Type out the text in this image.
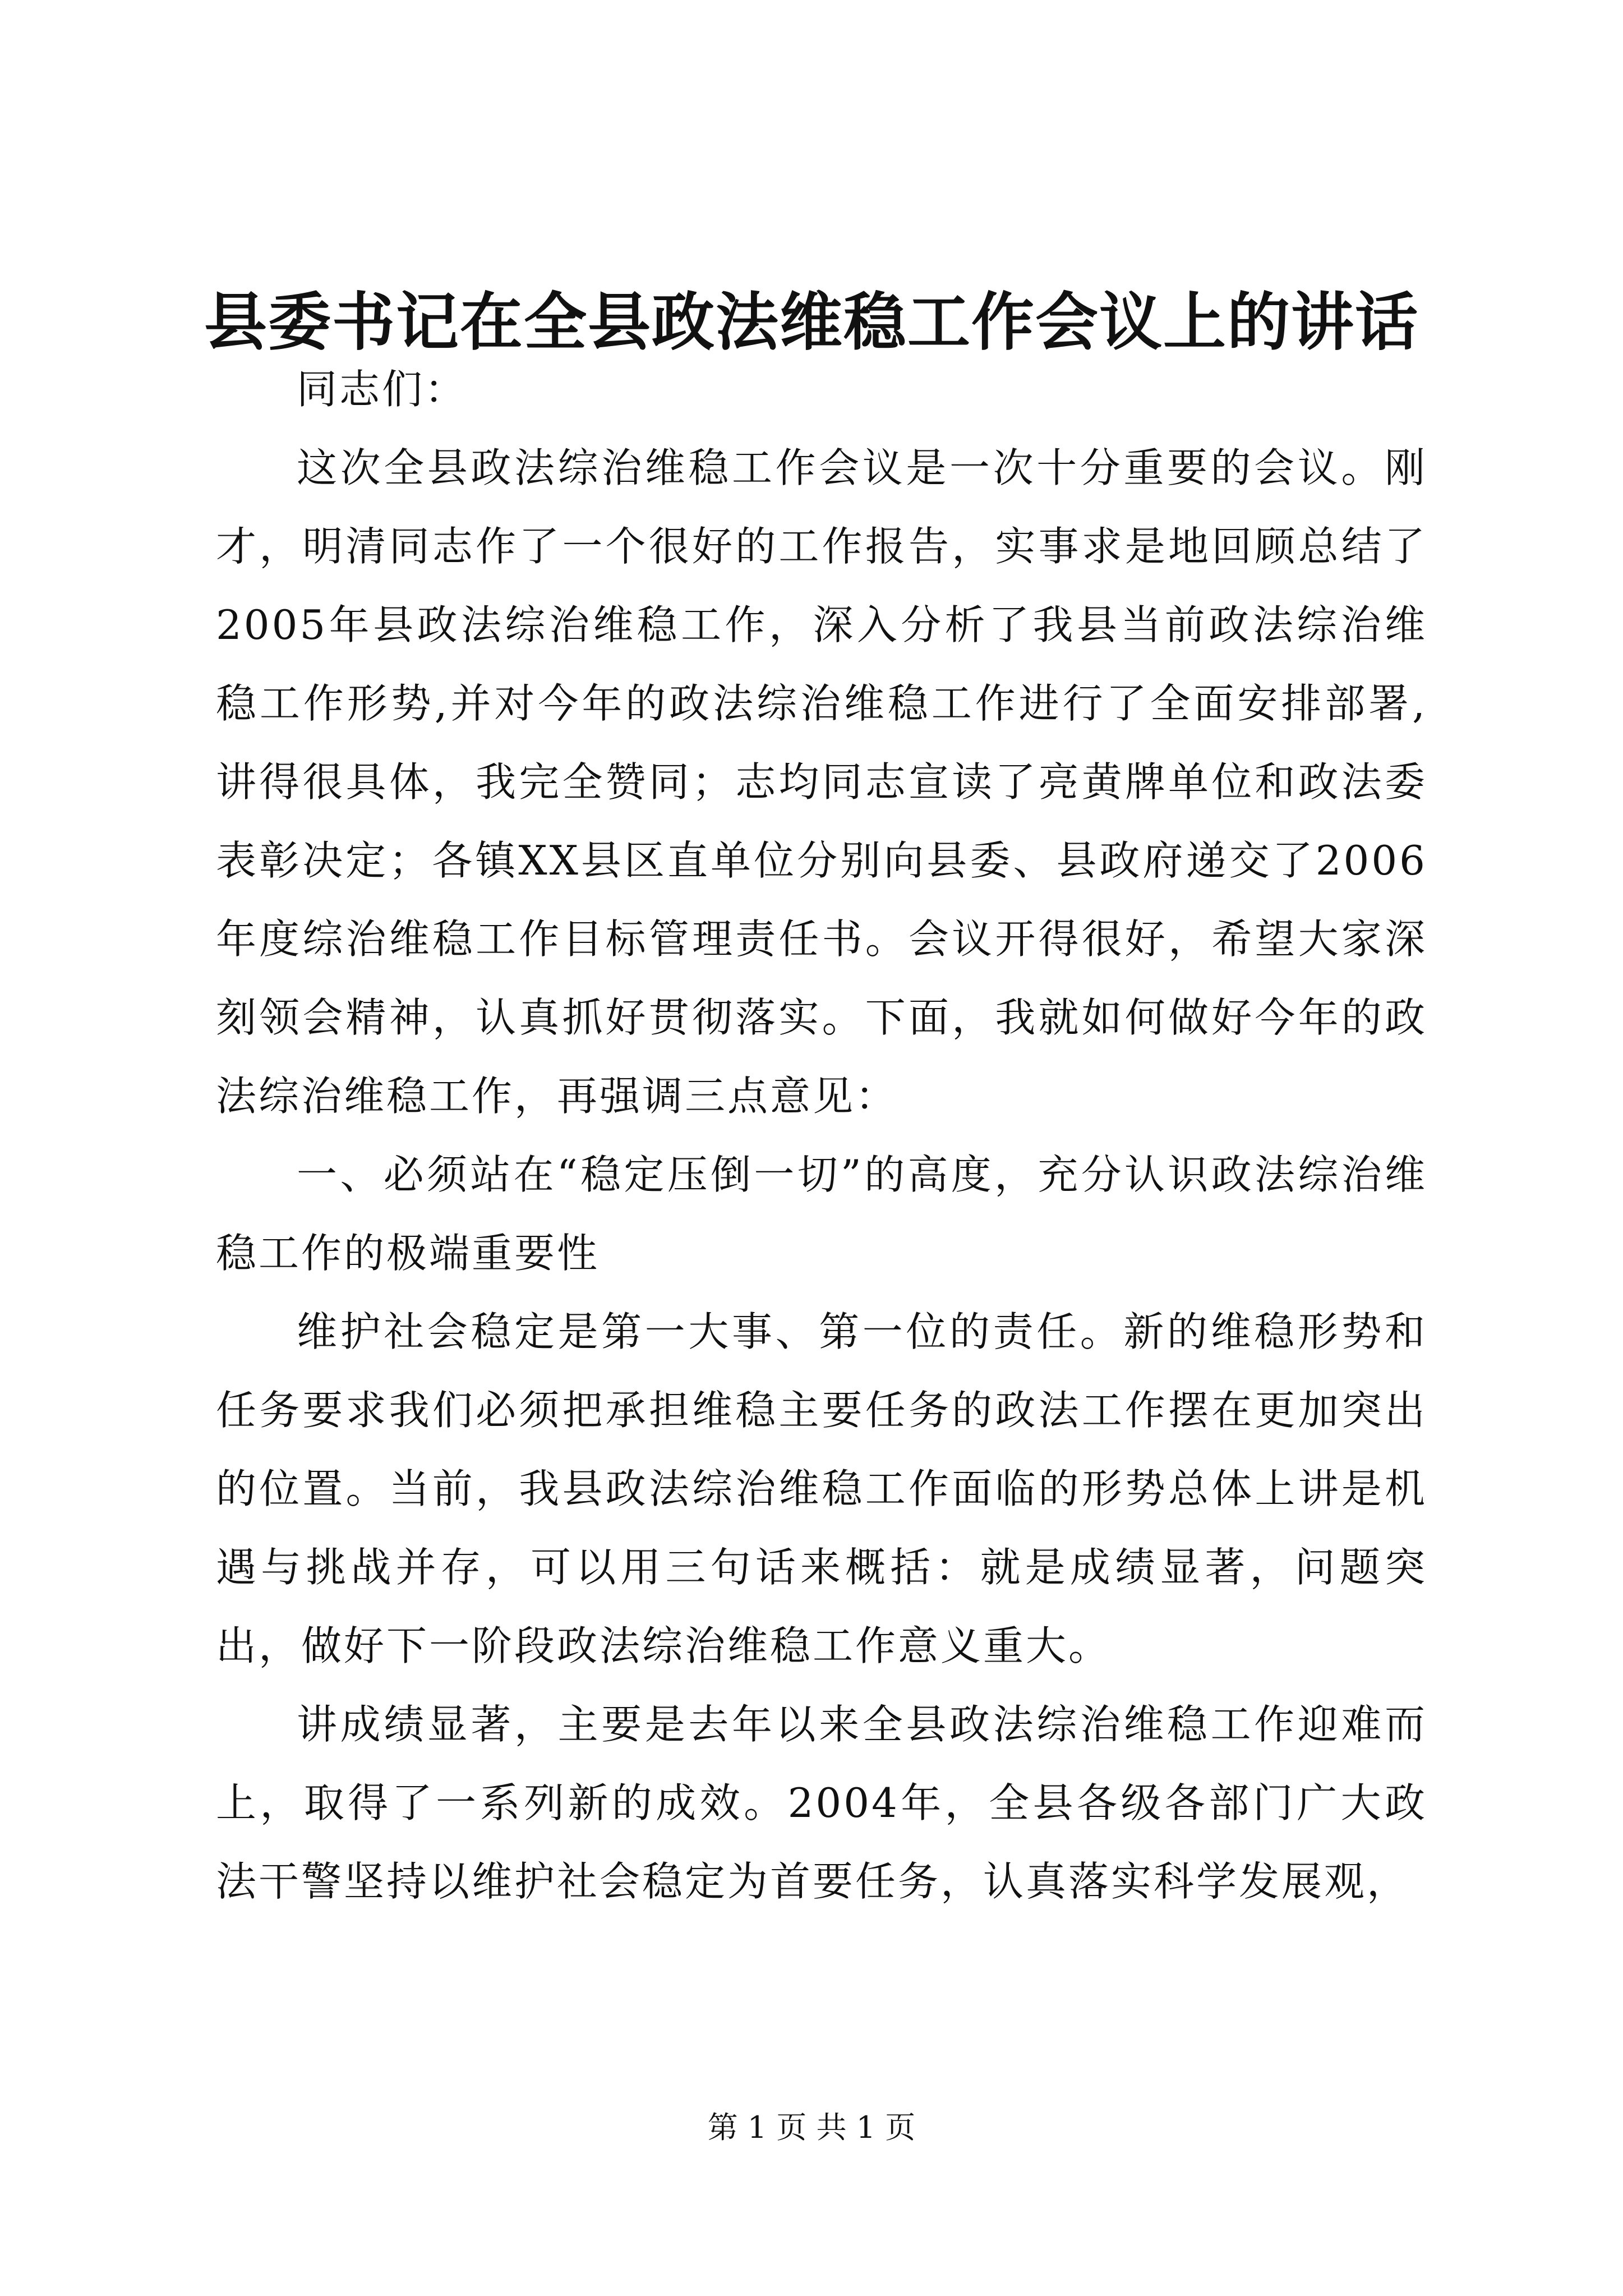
县委书记在全县政法维稳工作会议上的讲话

同志们：

这次全县政法综治维稳工作会议是一次十分重要的会议。刚才，明清同志作了一个很好的工作报告，实事求是地回顾总结了2005年县政法综治维稳工作，深入分析了我县当前政法综治维稳工作形势,并对今年的政法综治维稳工作进行了全面安排部署,讲得很具体，我完全赞同；志均同志宣读了亮黄牌单位和政法委表彰决定；各镇XX县区直单位分别向县委、县政府递交了2006年度综治维稳工作目标管理责任书。会议开得很好，希望大家深刻领会精神，认真抓好贯彻落实。下面，我就如何做好今年的政法综治维稳工作，再强调三点意见：

一、必须站在“稳定压倒一切”的高度，充分认识政法综治维稳工作的极端重要性

维护社会稳定是第一大事、第一位的责任。新的维稳形势和任务要求我们必须把承担维稳主要任务的政法工作摆在更加突出的位置。当前，我县政法综治维稳工作面临的形势总体上讲是机遇与挑战并存，可以用三句话来概括：就是成绩显著，问题突出，做好下一阶段政法综治维稳工作意义重大。

讲成绩显著，主要是去年以来全县政法综治维稳工作迎难而上，取得了一系列新的成效。2004年，全县各级各部门广大政法干警坚持以维护社会稳定为首要任务，认真落实科学发展观，

第 1 页 共 1 页
